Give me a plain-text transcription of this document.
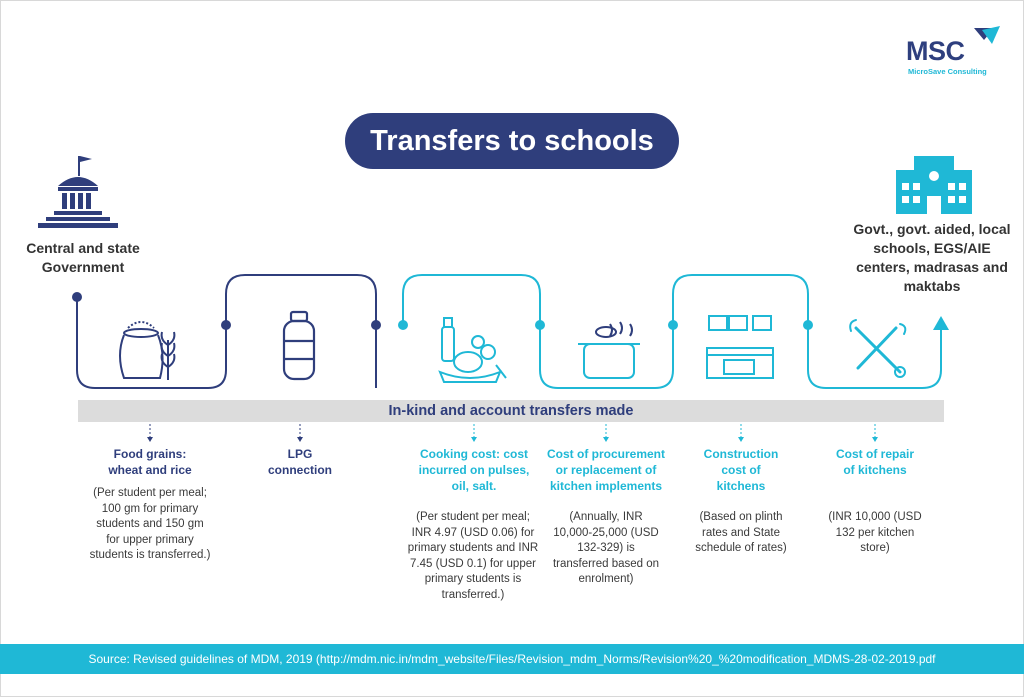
MSC
MicroSave Consulting
Transfers to schools
Central and state Government
Govt., govt. aided, local schools, EGS/AIE centers, madrasas and maktabs
In-kind and account transfers made
Food grains: wheat and rice
LPG connection
Cooking cost: cost incurred on pulses, oil, salt.
Cost of procurement or replacement of kitchen implements
Construction cost of kitchens
Cost of repair of kitchens
(Per student per meal; 100 gm for primary students and 150 gm for upper primary students is transferred.)
(Per student per meal; INR 4.97 (USD 0.06) for primary students and INR 7.45 (USD 0.1) for upper primary students is transferred.)
(Annually, INR 10,000-25,000 (USD 132-329) is transferred based on enrolment)
(Based on plinth rates and State schedule of rates)
(INR 10,000 (USD 132 per kitchen store)
Source: Revised guidelines of MDM, 2019 (http://mdm.nic.in/mdm_website/Files/Revision_mdm_Norms/Revision%20_%20modification_MDMS-28-02-2019.pdf
